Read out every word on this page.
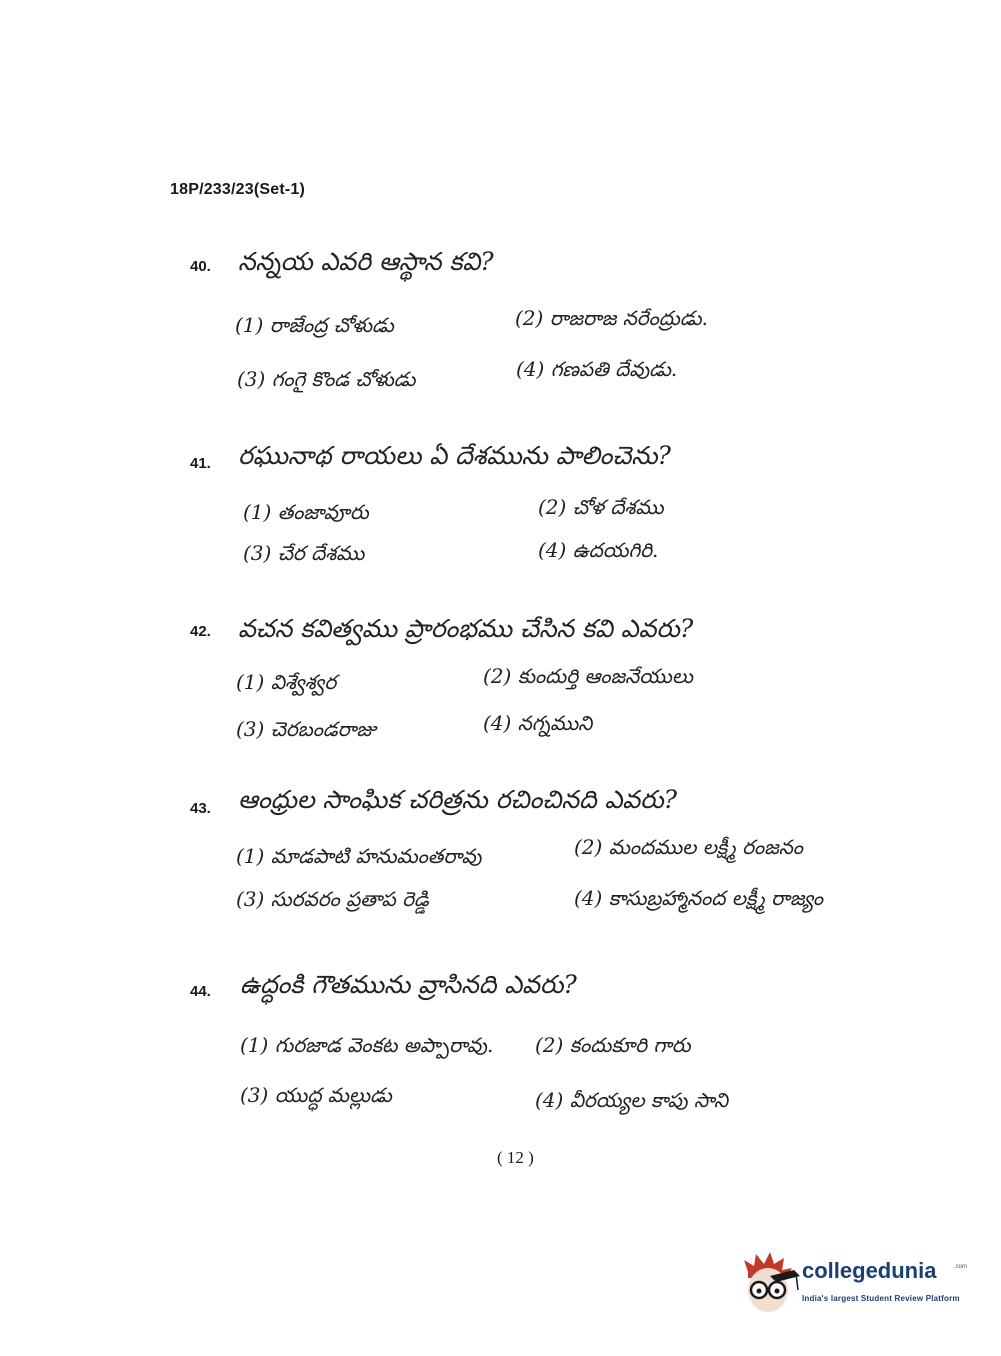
18P/233/23(Set-1)
40. నన్నయ ఎవరి ఆస్థాన కవి?
(1) రాజేంద్ర చోళుడు	(2) రాజరాజ నరేంద్రుడు.
(3) గంగై కొండ చోళుడు	(4) గణపతి దేవుడు.
41. రఘునాథ రాయలు ఏ దేశమును పాలించెను?
(1) తంజావూరు	(2) చోళ దేశము
(3) చేర దేశము	(4) ఉదయగిరి.
42. వచన కవిత్వము ప్రారంభము చేసిన కవి ఎవరు?
(1) విశ్వేశ్వర	(2) కుందుర్తి ఆంజనేయులు
(3) చెరబండరాజు	(4) నగ్నముని
43. ఆంధ్రుల సాంఘిక చరిత్రను రచించినది ఎవరు?
(1) మాడపాటి హనుమంతరావు	(2) మందముల లక్ష్మీ రంజనం
(3) సురవరం ప్రతాప రెడ్డి	(4) కాసుబ్రహ్మానంద లక్ష్మీ రాజ్యం
44. ఉద్ధంకి గౌతమును వ్రాసినది ఎవరు?
(1) గురజాడ వెంకట అప్పారావు. (2) కందుకూరి గారు
(3) యుద్ధ మల్లుడు	(4) వీరయ్యల కాపు సాని
( 12 )
collegedunia	.com
India's largest Student Review Platform
